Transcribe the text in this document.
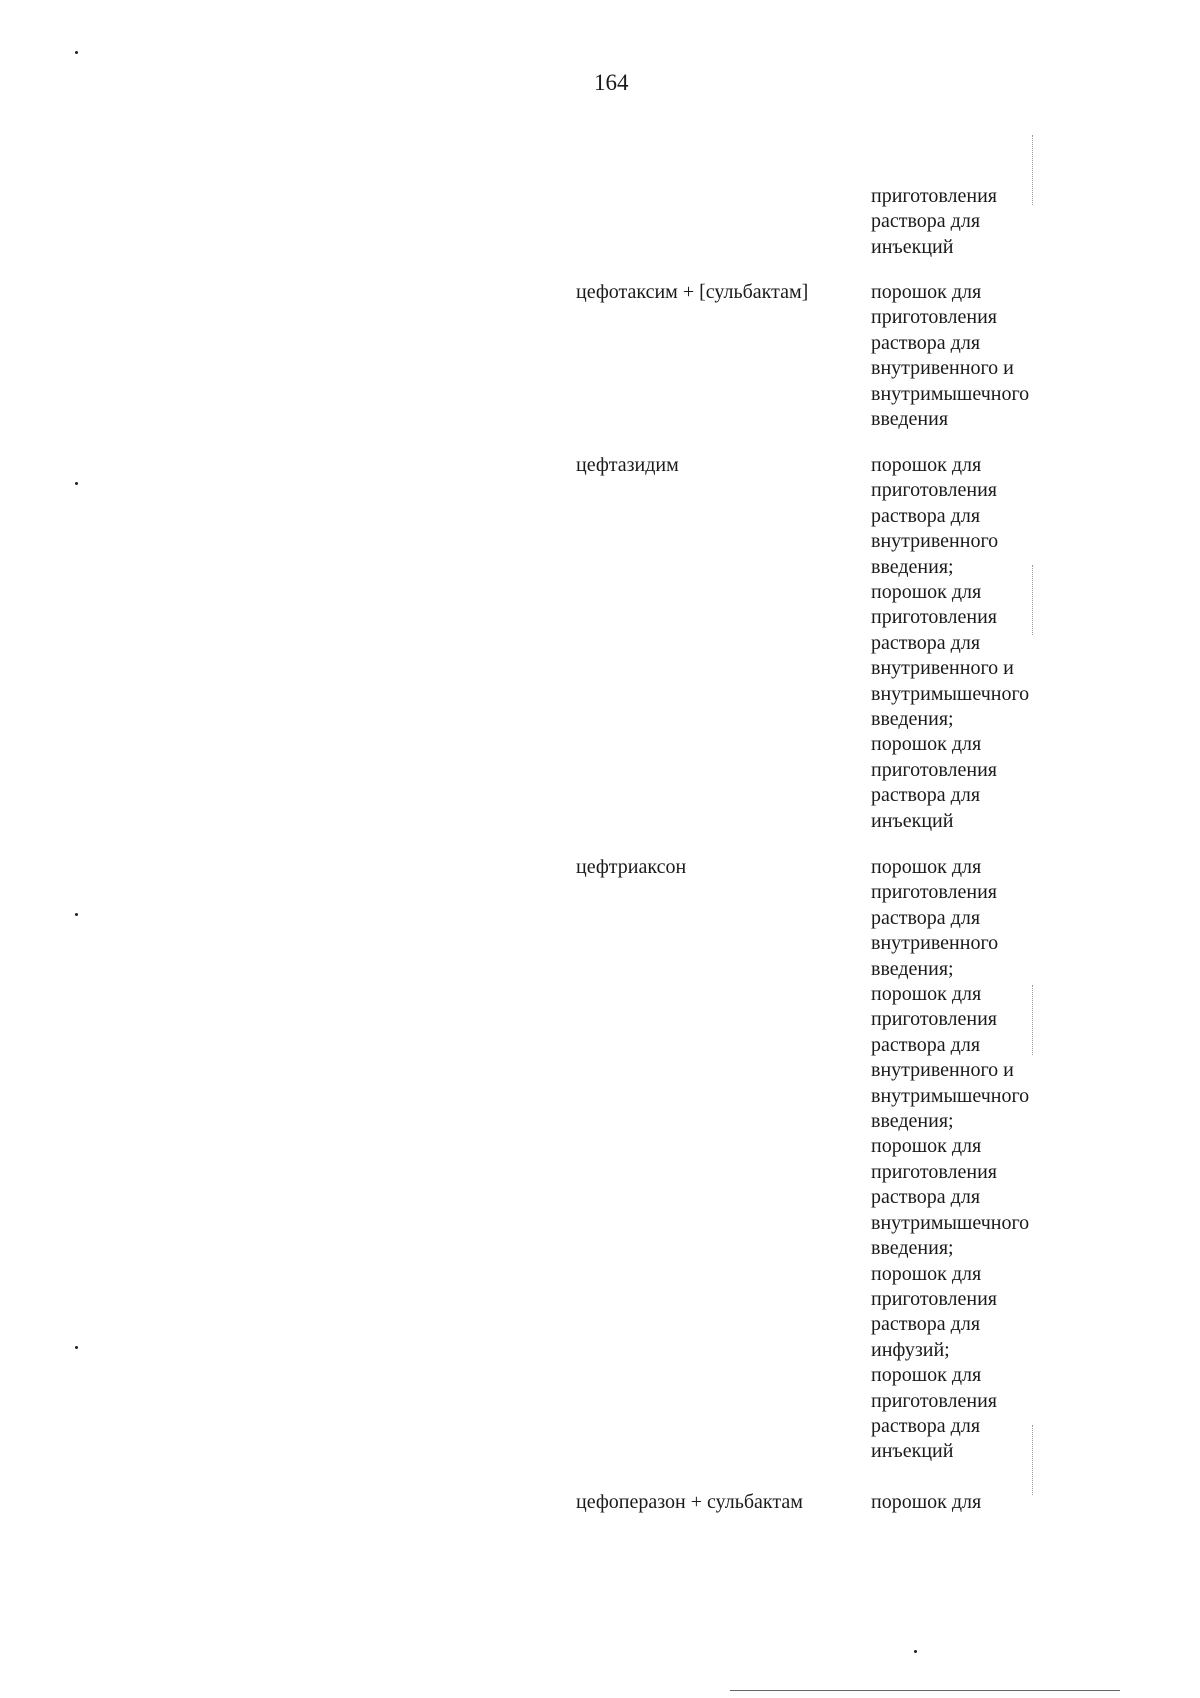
164
приготовления
раствора для
инъекций
цефотаксим + [сульбактам]	порошок для
приготовления
раствора для
внутривенного и
внутримышечного
введения
цефтазидим	порошок для
приготовления
раствора для
внутривенного
введения;
порошок для
приготовления
раствора для
внутривенного и
внутримышечного
введения;
порошок для
приготовления
раствора для
инъекций
цефтриаксон	порошок для
приготовления
раствора для
внутривенного
введения;
порошок для
приготовления
раствора для
внутривенного и
внутримышечного
введения;
порошок для
приготовления
раствора для
внутримышечного
введения;
порошок для
приготовления
раствора для
инфузий;
порошок для
приготовления
раствора для
инъекций
цефоперазон + сульбактам	порошок для
